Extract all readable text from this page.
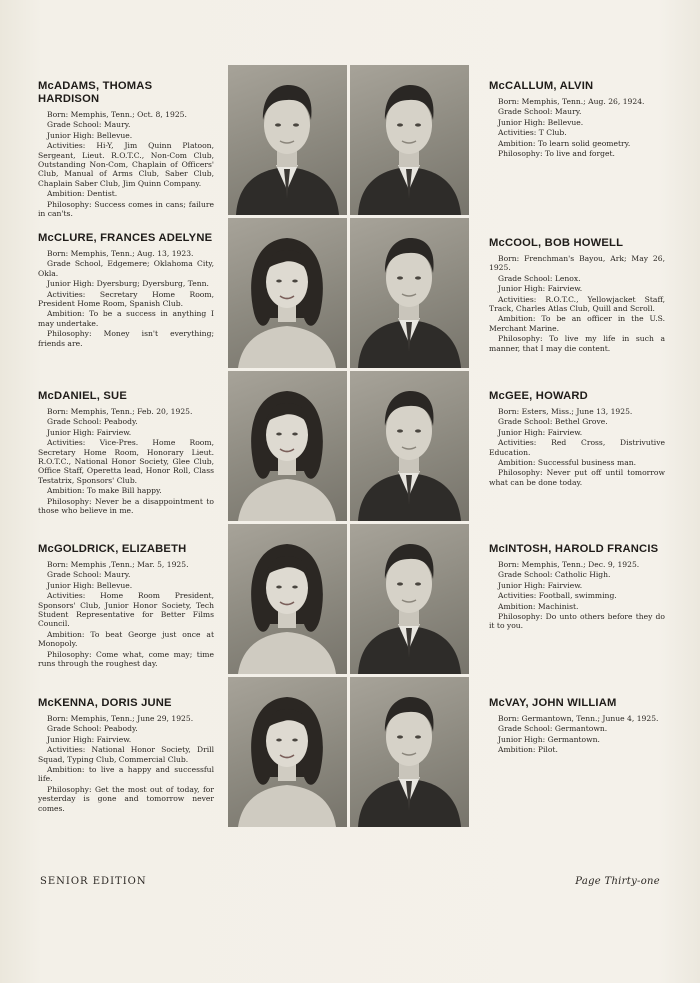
McADAMS, THOMAS HARDISON
Born: Memphis, Tenn.; Oct. 8, 1925.
Grade School: Maury.
Junior High: Bellevue.
Activities: Hi-Y, Jim Quinn Platoon, Sergeant, Lieut. R.O.T.C., Non-Com Club, Outstanding Non-Com, Chaplain of Officers' Club, Manual of Arms Club, Saber Club, Chaplain Saber Club, Jim Quinn Company.
Ambition: Dentist.
Philosophy: Success comes in cans; failure in can'ts.
McCLURE, FRANCES ADELYNE
Born: Memphis, Tenn.; Aug. 13, 1923.
Grade School, Edgemere; Oklahoma City, Okla.
Junior High: Dyersburg; Dyersburg, Tenn.
Activities: Secretary Home Room, President Home Room, Spanish Club.
Ambition: To be a success in anything I may undertake.
Philosophy: Money isn't everything; friends are.
McDANIEL, SUE
Born: Memphis, Tenn.; Feb. 20, 1925.
Grade School: Peabody.
Junior High: Fairview.
Activities: Vice-Pres. Home Room, Secretary Home Room, Honorary Lieut. R.O.T.C., National Honor Society, Glee Club, Office Staff, Operetta lead, Honor Roll, Class Testatrix, Sponsors' Club.
Ambition: To make Bill happy.
Philosophy: Never be a disappointment to those who believe in me.
McGOLDRICK, ELIZABETH
Born: Memphis ,Tenn.; Mar. 5, 1925.
Grade School: Maury.
Junior High: Bellevue.
Activities: Home Room President, Sponsors' Club, Junior Honor Society, Tech Student Representative for Better Films Council.
Ambition: To beat George just once at Monopoly.
Philosophy: Come what, come may; time runs through the roughest day.
McKENNA, DORIS JUNE
Born: Memphis, Tenn.; June 29, 1925.
Grade School: Peabody.
Junior High: Fairview.
Activities: National Honor Society, Drill Squad, Typing Club, Commercial Club.
Ambition: to live a happy and successful life.
Philosophy: Get the most out of today, for yesterday is gone and tomorrow never comes.
McCALLUM, ALVIN
Born: Memphis, Tenn.; Aug. 26, 1924.
Grade School: Maury.
Junior High: Bellevue.
Activities: T Club.
Ambition: To learn solid geometry.
Philosophy: To live and forget.
McCOOL, BOB HOWELL
Born: Frenchman's Bayou, Ark; May 26, 1925.
Grade School: Lenox.
Junior High: Fairview.
Activities: R.O.T.C., Yellowjacket Staff, Track, Charles Atlas Club, Quill and Scroll.
Ambition: To be an officer in the U.S. Merchant Marine.
Philosophy: To live my life in such a manner, that I may die content.
McGEE, HOWARD
Born: Esters, Miss.; June 13, 1925.
Grade School: Bethel Grove.
Junior High: Fairview.
Activities: Red Cross, Distrivutive Education.
Ambition: Successful business man.
Philosophy: Never put off until tomorrow what can be done today.
McINTOSH, HAROLD FRANCIS
Born: Memphis, Tenn.; Dec. 9, 1925.
Grade School: Catholic High.
Junior High: Fairview.
Activities: Football, swimming.
Ambition: Machinist.
Philosophy: Do unto others before they do it to you.
McVAY, JOHN WILLIAM
Born: Germantown, Tenn.; Junue 4, 1925.
Grade School: Germantown.
Junior High: Germantown.
Ambition: Pilot.
SENIOR EDITION	Page Thirty-one
